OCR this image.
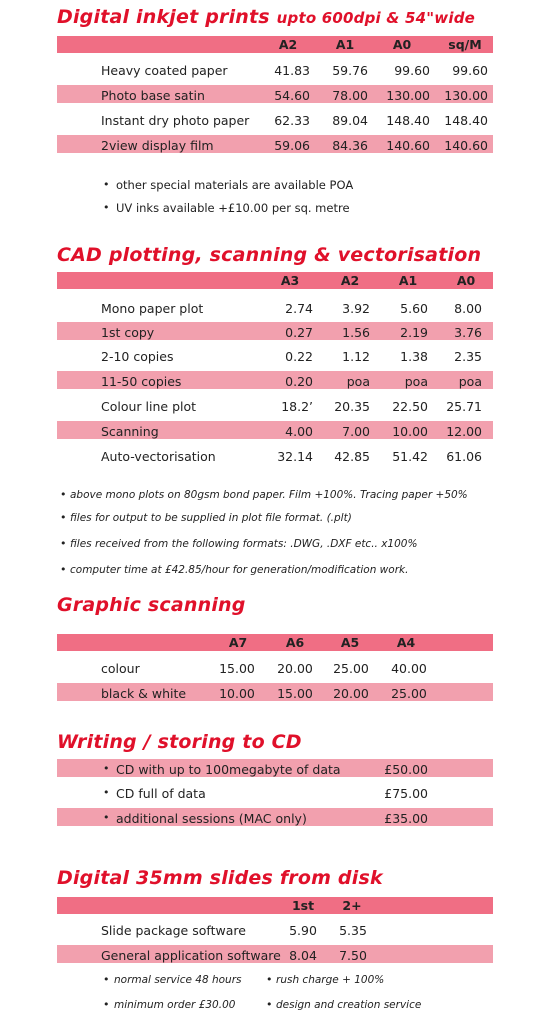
Digital inkjet prints upto 600dpi & 54"wide
A2	A1	A0	sq/M
Heavy coated paper	41.83	59.76	99.60	99.60
Photo base satin	54.60	78.00	130.00	130.00
Instant dry photo paper	62.33	89.04	148.40	148.40
2view display film	59.06	84.36	140.60	140.60
• other special materials are available POA
• UV inks available +£10.00 per sq. metre
CAD plotting, scanning & vectorisation
A3	A2	A1	A0
Mono paper plot	2.74	3.92	5.60	8.00
1st copy	0.27	1.56	2.19	3.76
2-10 copies	0.22	1.12	1.38	2.35
11-50 copies	0.20	poa	poa	poa
Colour line plot	18.2’	20.35	22.50	25.71
Scanning	4.00	7.00	10.00	12.00
Auto-vectorisation	32.14	42.85	51.42	61.06
• above mono plots on 80gsm bond paper. Film +100%. Tracing paper +50%
• files for output to be supplied in plot file format. (.plt)
• files received from the following formats: .DWG, .DXF etc.. x100%
• computer time at £42.85/hour for generation/modification work.
Graphic scanning
A7	A6	A5	A4
colour	15.00	20.00	25.00	40.00
black & white	10.00	15.00	20.00	25.00
Writing / storing to CD
• CD with up to 100megabyte of data	£50.00
• CD full of data	£75.00
• additional sessions (MAC only)	£35.00
Digital 35mm slides from disk
1st	2+
Slide package software	5.90	5.35
General application software 8.04	7.50
• normal service 48 hours • rush charge + 100%
• minimum order £30.00	• design and creation service
